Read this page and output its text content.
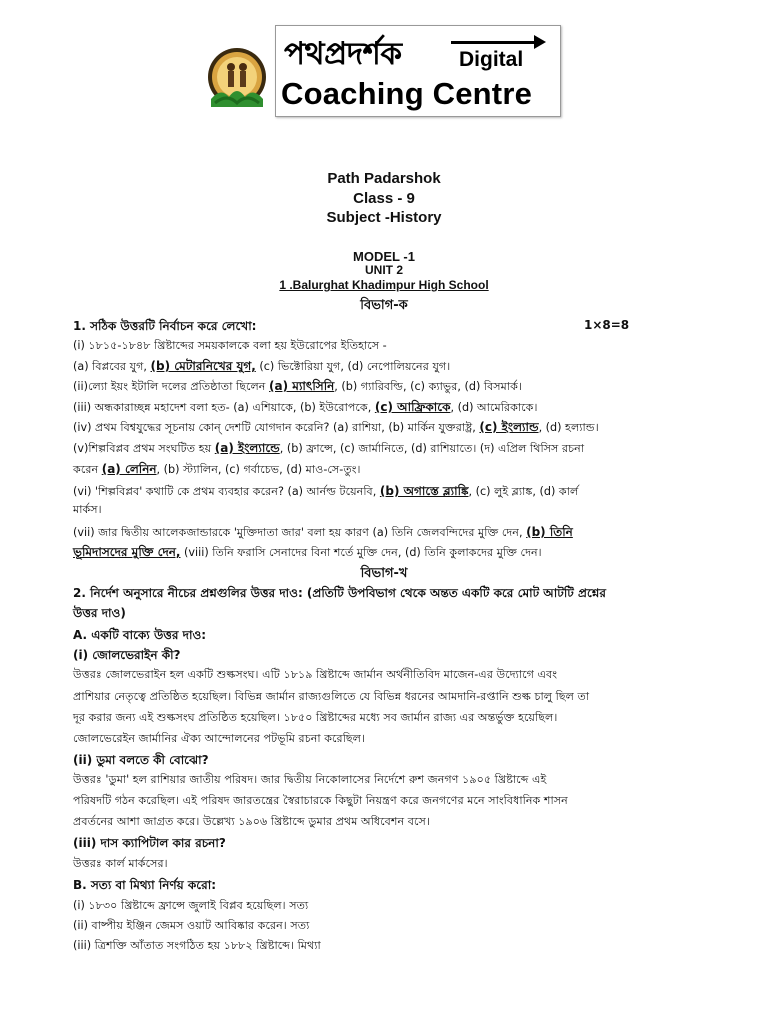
পথপ্রদর্শক	Digital
Coaching Centre
Path Padarshok
Class - 9
Subject -History
MODEL -1
UNIT 2
1 .Balurghat Khadimpur High School
বিভাগ-ক
1. সঠিক উত্তরটি নির্বাচন করে লেখো:	1×8=8
(i) ১৮১৫-১৮৪৮ খ্রিষ্টাব্দের সময়কালকে বলা হয় ইউরোপের ইতিহাসে -
(a) বিপ্লবের যুগ, (b) মেটারনিখের যুগ, (c) ভিক্টোরিয়া যুগ, (d) নেপোলিয়নের যুগ।
(ii)ল্যো ইয়ং ইটালি দলের প্রতিষ্ঠাতা ছিলেন (a) ম্যাৎসিনি, (b) গ্যারিবল্ডি, (c) ক্যাভুর, (d) বিসমার্ক।
(iii) অন্ধকারাচ্ছন্ন মহাদেশ বলা হত- (a) এশিয়াকে, (b) ইউরোপকে, (c) আফ্রিকাকে, (d) আমেরিকাকে।
(iv) প্রথম বিশ্বযুদ্ধের সূচনায় কোন্ দেশটি যোগদান করেনি? (a) রাশিয়া, (b) মার্কিন যুক্তরাষ্ট্র, (c) ইংল্যান্ড, (d) হল্যান্ড।
(v)শিল্পবিপ্লব প্রথম সংঘটিত হয় (a) ইংল্যান্ডে, (b) ফ্রান্সে, (c) জার্মানিতে, (d) রাশিয়াতে। (দ) এপ্রিল থিসিস রচনা
করেন (a) লেনিন, (b) স্ট্যালিন, (c) গর্বাচেভ, (d) মাও-সে-তুং।
(vi) 'শিল্পবিপ্লব' কথাটি কে প্রথম ব্যবহার করেন? (a) আর্নল্ড টয়েনবি, (b) অগাস্তে ব্ল্যাঙ্কি, (c) লুই ব্ল্যাঙ্ক, (d) কার্ল
মার্কস।
(vii) জার দ্বিতীয় আলেকজান্ডারকে 'মুক্তিদাতা জার' বলা হয় কারণ (a) তিনি জেলবন্দিদের মুক্তি দেন, (b) তিনি
ভূমিদাসদের মুক্তি দেন, (viii) তিনি ফরাসি সেনাদের বিনা শর্তে মুক্তি দেন, (d) তিনি কুলাকদের মুক্তি দেন।
বিভাগ-খ
2. নির্দেশ অনুসারে নীচের প্রশ্নগুলির উত্তর দাও: (প্রতিটি উপবিভাগ থেকে অন্তত একটি করে মোট আটটি প্রশ্নের
উত্তর দাও)
A. একটি বাক্যে উত্তর দাও:
(i) জোলভেরাইন কী?
উত্তরঃ জোলভেরাইন হল একটি শুল্কসংঘ। এটি ১৮১৯ খ্রিষ্টাব্দে জার্মান অর্থনীতিবিদ মাজেন-এর উদ্যোগে এবং
প্রাশিয়ার নেতৃত্বে প্রতিষ্ঠিত হয়েছিল। বিভিন্ন জার্মান রাজ্যগুলিতে যে বিভিন্ন ধরনের আমদানি-রপ্তানি শুল্ক চালু ছিল তা
দূর করার জন্য এই শুল্কসংঘ প্রতিষ্ঠিত হয়েছিল। ১৮৫০ খ্রিষ্টাব্দের মধ্যে সব জার্মান রাজ্য এর অন্তর্ভুক্ত হয়েছিল।
জোলভেরেইন জার্মানির ঐক্য আন্দোলনের পটভূমি রচনা করেছিল।
(ii) ডুমা বলতে কী বোঝো?
উত্তরঃ 'ডুমা' হল রাশিয়ার জাতীয় পরিষদ। জার দ্বিতীয় নিকোলাসের নির্দেশে রুশ জনগণ ১৯০৫ খ্রিষ্টাব্দে এই
পরিষদটি গঠন করেছিল। এই পরিষদ জারতন্ত্রের স্বৈরাচারকে কিছুটা নিয়ন্ত্রণ করে জনগণের মনে সাংবিধানিক শাসন
প্রবর্তনের আশা জাগ্রত করে। উল্লেখ্য ১৯০৬ খ্রিষ্টাব্দে ডুমার প্রথম অধিবেশন বসে।
(iii) দাস ক্যাপিটাল কার রচনা?
উত্তরঃ কার্ল মার্কসের।
B. সত্য বা মিথ্যা নির্ণয় করো:
(i) ১৮৩০ খ্রিষ্টাব্দে ফ্রান্সে জুলাই বিপ্লব হয়েছিল। সত্য
(ii) বাষ্পীয় ইঞ্জিন জেমস ওয়াট আবিষ্কার করেন। সত্য
(iii) ত্রিশক্তি আঁতাত সংগঠিত হয় ১৮৮২ খ্রিষ্টাব্দে। মিথ্যা
